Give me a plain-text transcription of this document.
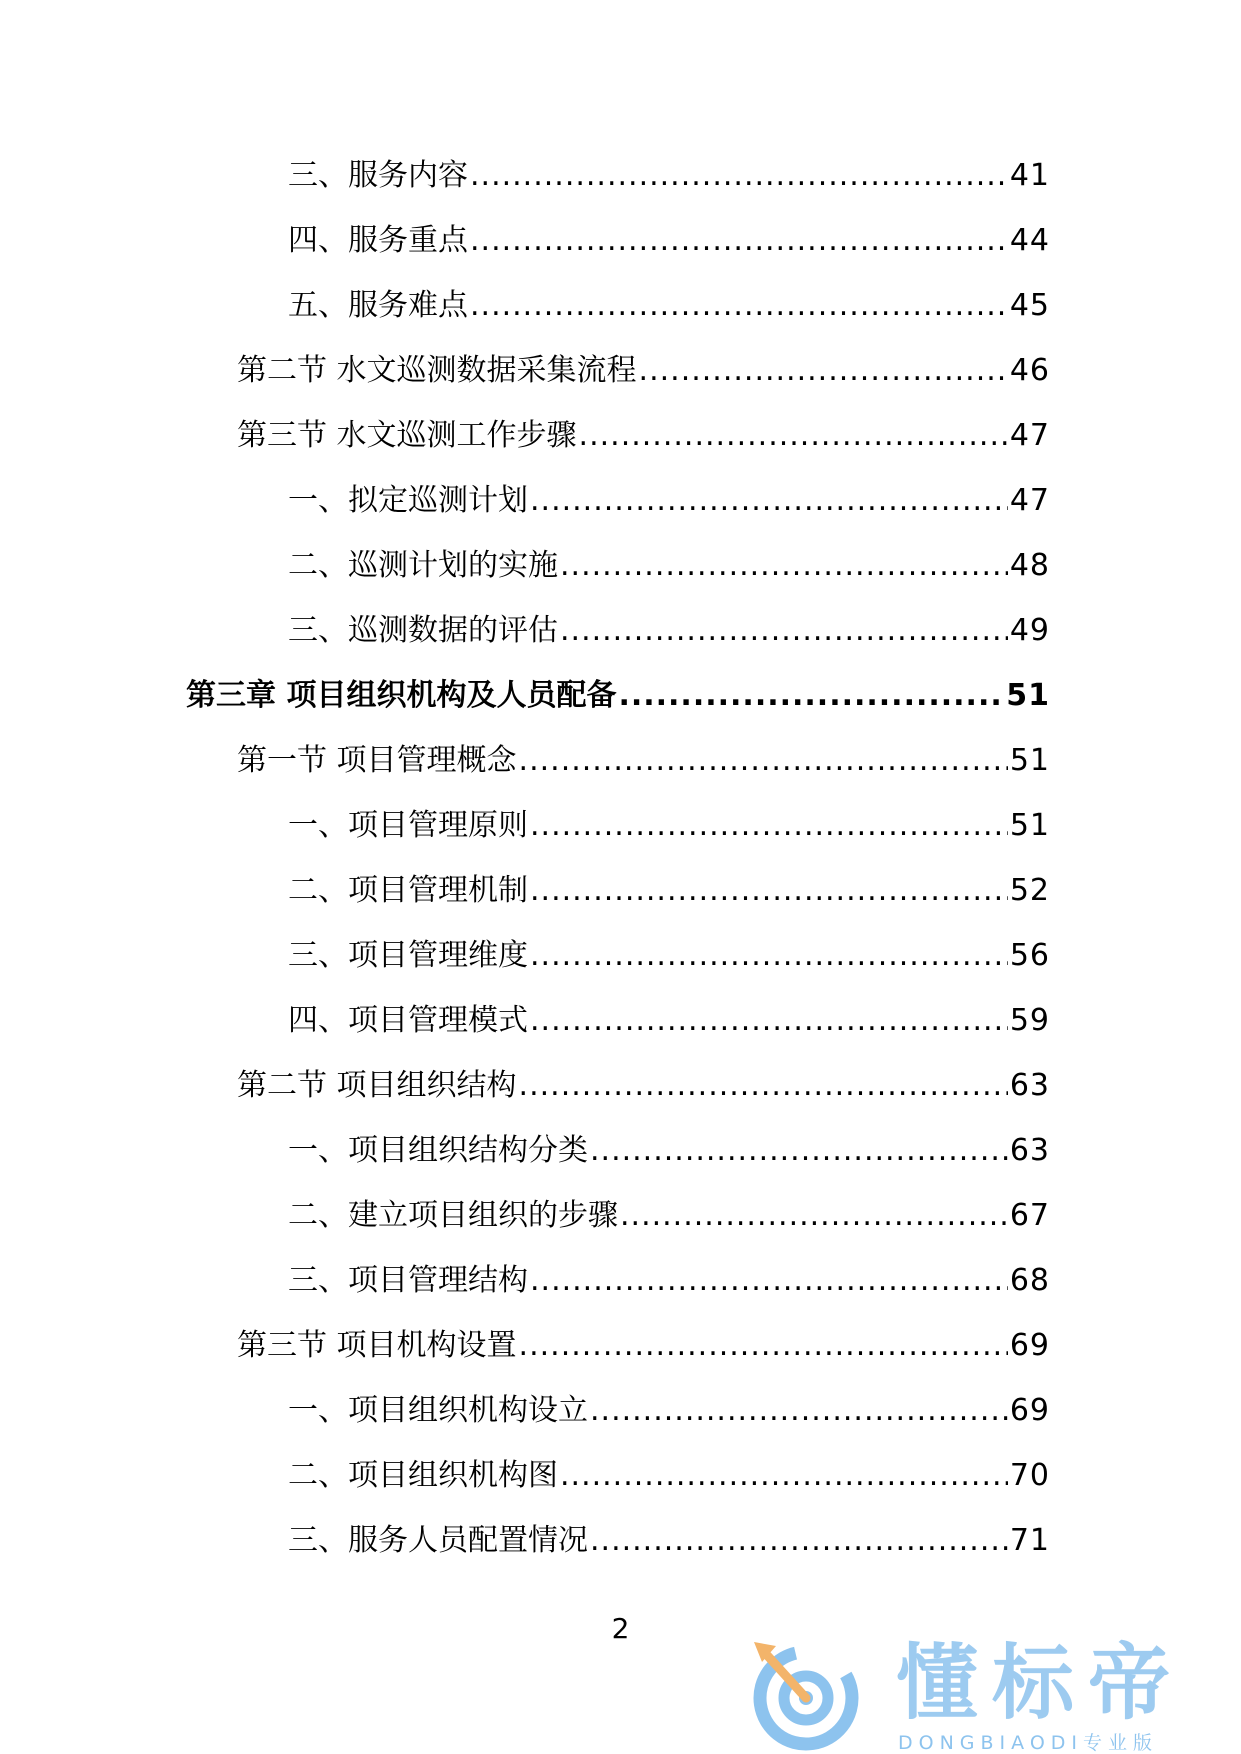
三、服务内容 .....	41
四、服务重点 .....	44
五、服务难点 .....	45
第二节 水文巡测数据采集流程 .....	46
第三节 水文巡测工作步骤 .....	47
一、拟定巡测计划 .....	47
二、巡测计划的实施 .....	48
三、巡测数据的评估 .....	49
第三章 项目组织机构及人员配备 .....	51
第一节 项目管理概念 .....	51
一、项目管理原则 .....	51
二、项目管理机制 .....	52
三、项目管理维度 .....	56
四、项目管理模式 .....	59
第二节 项目组织结构 .....	63
一、项目组织结构分类 .....	63
二、建立项目组织的步骤 .....	67
三、项目管理结构 .....	68
第三节 项目机构设置 .....	69
一、项目组织机构设立 .....	69
二、项目组织机构图 .....	70
三、服务人员配置情况 .....	71
2
懂标帝
DONGBIAODI专业版
